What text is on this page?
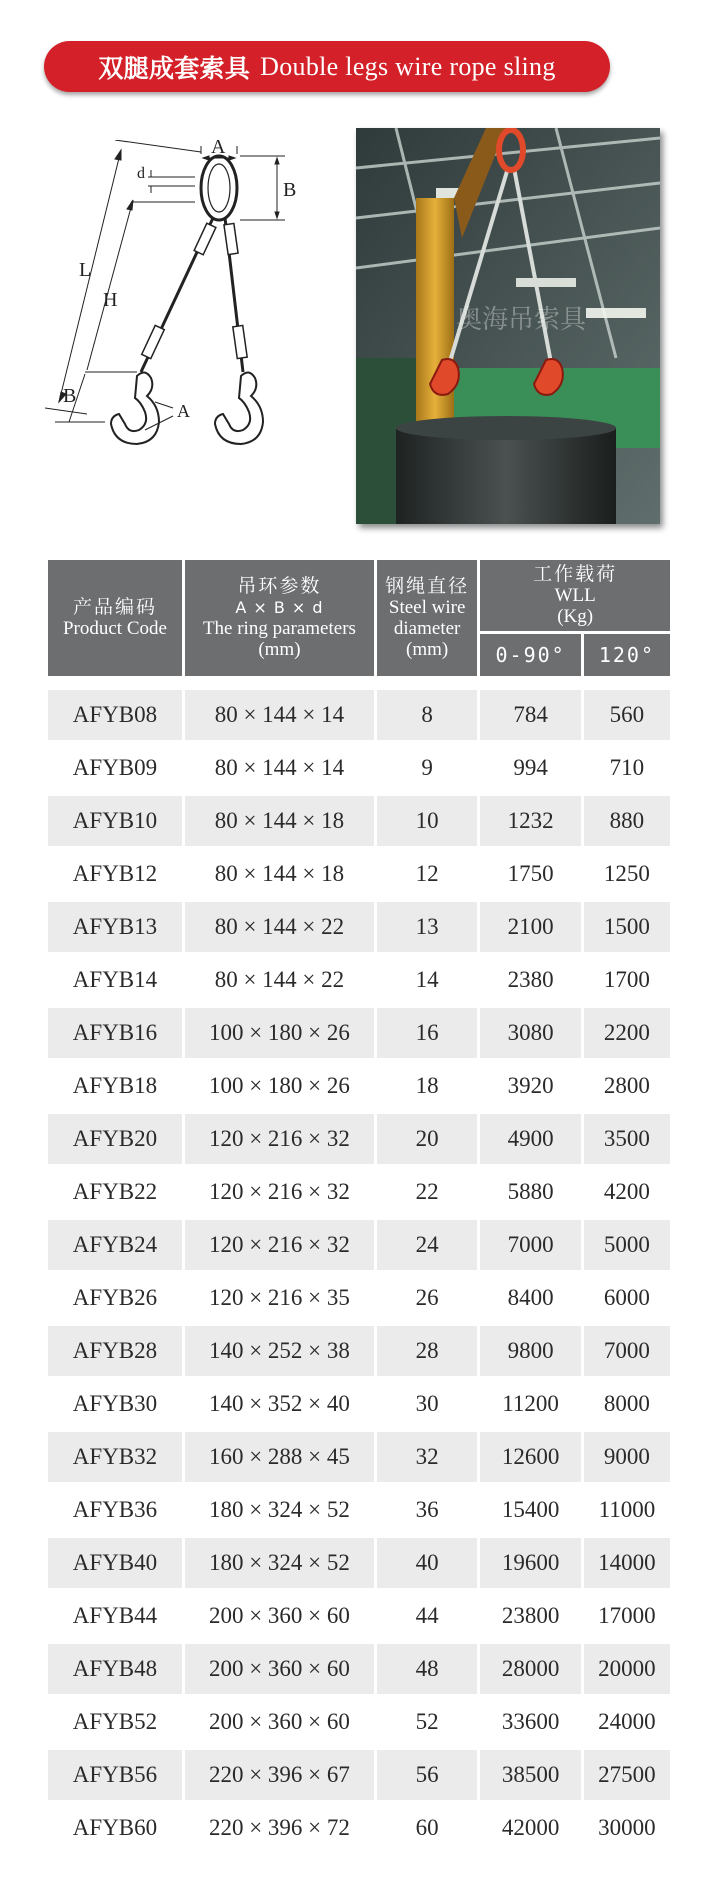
双腿成套索具 Double legs wire rope sling
A
B
d
L
H
B
A
奥海吊索具
产品编码
Product Code	吊环参数
A × B × d
The ring parameters
(mm)	钢绳直径
Steel wire
diameter
(mm)	工作载荷
WLL
(Kg)	

			0-90°	120°

AFYB08	80 × 144 × 14	8	784	560
AFYB09	80 × 144 × 14	9	994	710
AFYB10	80 × 144 × 18	10	1232	880
AFYB12	80 × 144 × 18	12	1750	1250
AFYB13	80 × 144 × 22	13	2100	1500
AFYB14	80 × 144 × 22	14	2380	1700
AFYB16	100 × 180 × 26	16	3080	2200
AFYB18	100 × 180 × 26	18	3920	2800
AFYB20	120 × 216 × 32	20	4900	3500
AFYB22	120 × 216 × 32	22	5880	4200
AFYB24	120 × 216 × 32	24	7000	5000
AFYB26	120 × 216 × 35	26	8400	6000
AFYB28	140 × 252 × 38	28	9800	7000
AFYB30	140 × 352 × 40	30	11200	8000
AFYB32	160 × 288 × 45	32	12600	9000
AFYB36	180 × 324 × 52	36	15400	11000
AFYB40	180 × 324 × 52	40	19600	14000
AFYB44	200 × 360 × 60	44	23800	17000
AFYB48	200 × 360 × 60	48	28000	20000
AFYB52	200 × 360 × 60	52	33600	24000
AFYB56	220 × 396 × 67	56	38500	27500
AFYB60	220 × 396 × 72	60	42000	30000
